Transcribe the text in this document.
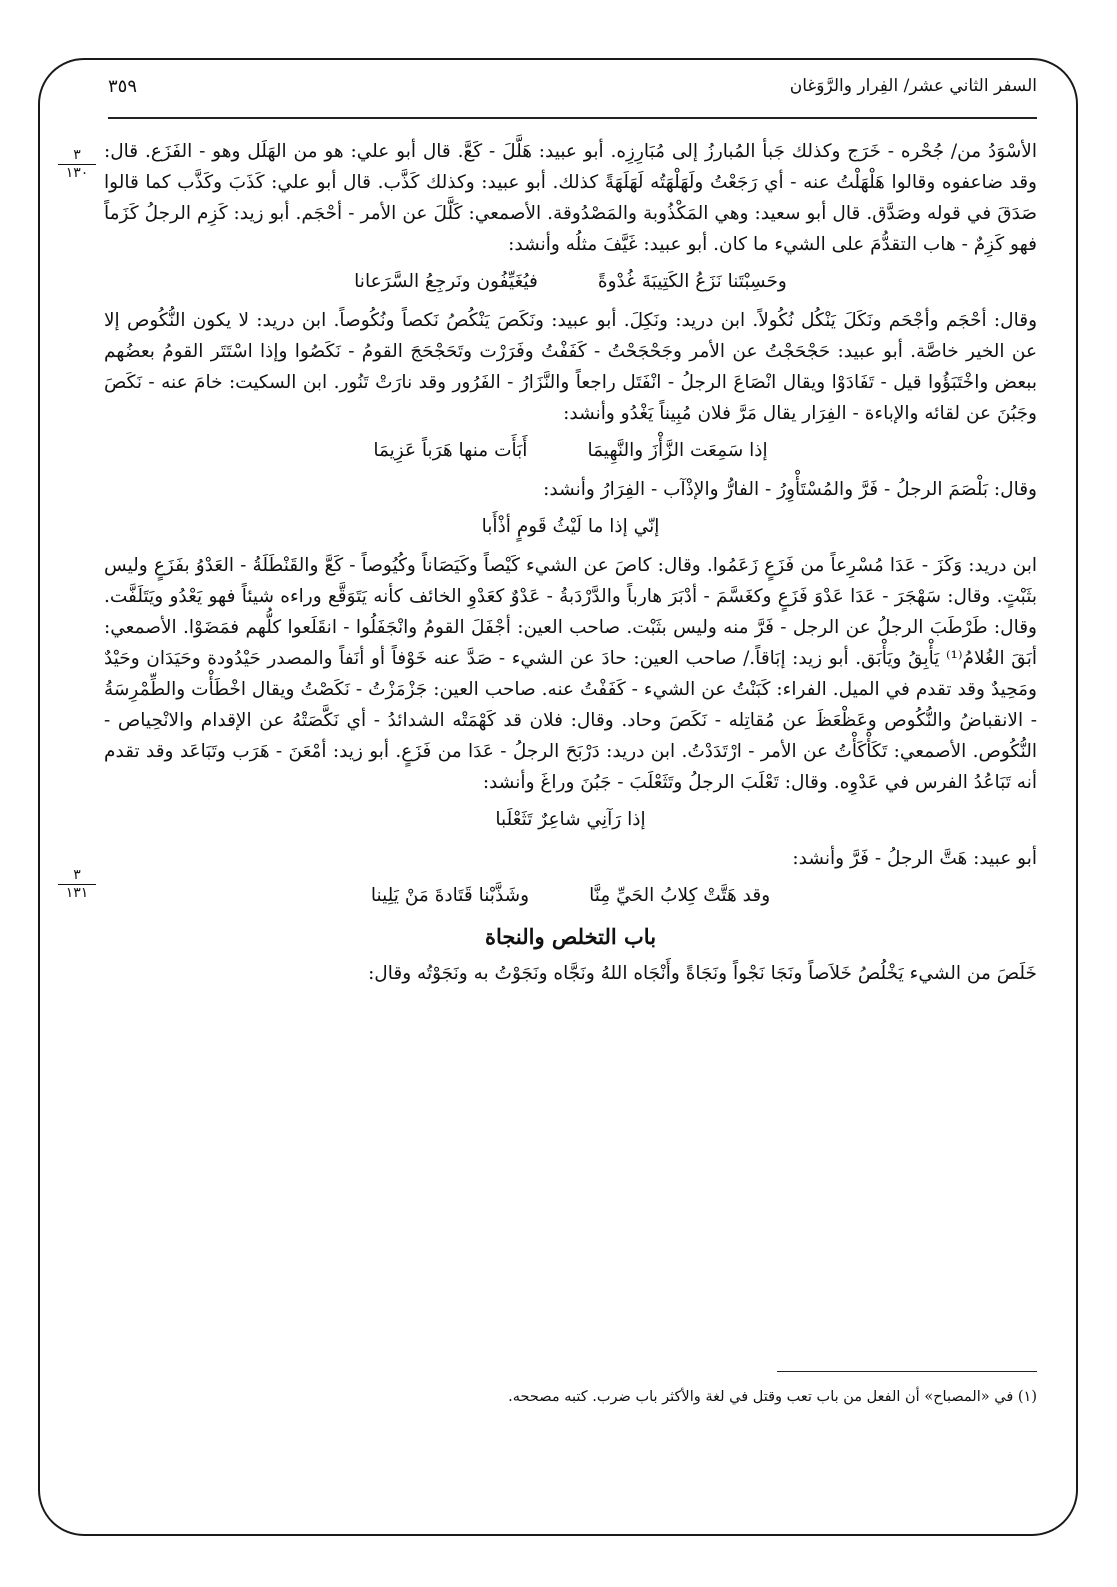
السفر الثاني عشر/ الفِرار والرَّوَغان
٣٥٩
٣
١٣٠
٣
١٣١

الأسْوَدُ من/ جُحْره - خَرَج وكذلك جَبأ المُبارزُ إلى مُبَارِزِه. أبو عبيد: هَلَّلَ - كَعَّ. قال أبو علي: هو من الهَلَل وهو - الفَزَع. قال: وقد ضاعفوه وقالوا هَلْهَلْتُ عنه - أي رَجَعْتُ ولَهَلْهَتُه لَهَلَهَةً كذلك. أبو عبيد: وكذلك كَذَّب. قال أبو علي: كَذَبَ وكَذَّب كما قالوا صَدَقَ في قوله وصَدَّق. قال أبو سعيد: وهي المَكْذُوبة والمَصْدُوقة. الأصمعي: كَلَّلَ عن الأمر - أحْجَم. أبو زيد: كَزِم الرجلُ كَزَماً فهو كَزِمٌ - هاب التقدُّمَ على الشيء ما كان. أبو عبيد: غَيَّفَ مثلُه وأنشد:

وحَسِبْتَنا نَزَعُ الكَتِيبَةَ غُدْوةً
فيُغَيِّفُون ونَرجِعُ السَّرَعانا

وقال: أحْجَم وأجْحَم ونَكَلَ يَنْكُل نُكُولاً. ابن دريد: ونَكِلَ. أبو عبيد: ونَكَصَ يَنْكُصُ نَكصاً ونُكُوصاً. ابن دريد: لا يكون النُّكُوص إلا عن الخير خاصَّة. أبو عبيد: حَجْحَجْتُ عن الأمر وجَحْجَحْتُ - كَفَفْتُ وفَرَرْت وتَحَجْحَجَ القومُ - نَكَصُوا وإذا اسْتَتَر القومُ بعضُهم ببعض واخْتَبَؤُوا قيل - تَفَادَوْا ويقال انْصَاعَ الرجلُ - انْفَتَل راجعاً والنَّزَارُ - الفَرُور وقد نارَتْ تَنُور. ابن السكيت: خامَ عنه - نَكَصَ وجَبُنَ عن لقائه والإباءة - الفِرَار يقال مَرَّ فلان مُبِيناً يَغْدُو وأنشد:

إذا سَمِعَت الزَّأْزَ والنَّهِيمَا
أَبَأَت منها هَرَباً عَزِيمَا

وقال: بَلْصَمَ الرجلُ - فَرَّ والمُسْتَأْوِرُ - الفارُّ والإذْآب - الفِرَارُ وأنشد:

إنّي إذا ما لَيْثُ قَومٍ أذْأَبا

ابن دريد: وَكَزَ - عَدَا مُسْرِعاً من فَزَعٍ زَعَمُوا. وقال: كاصَ عن الشيء كَيْصاً وكَيَصَاناً وكُيُوصاً - كَعَّ والقَنْطَلَةُ - العَدْوُ بفَزَعٍ وليس بثَبْتٍ. وقال: سَهْجَرَ - عَدَا عَدْوَ فَزَعٍ وكغَسَّمَ - أدْبَرَ هارباً والدَّرْدَبةُ - عَدْوٌ كعَدْوِ الخائف كأنه يَتَوَقَّع وراءه شيئاً فهو يَعْدُو ويَتَلَفَّت. وقال: طَرْطَبَ الرجلُ عن الرجل - فَرَّ منه وليس بثَبْت. صاحب العين: أجْفَلَ القومُ وانْجَفَلُوا - انقَلَعوا كلُّهم فمَضَوْا. الأصمعي: أبَقَ الغُلامُ⁽¹⁾ يَأْبِقُ ويَأْبَق. أبو زيد: إبَاقاً./ صاحب العين: حادَ عن الشيء - صَدَّ عنه خَوْفاً أو أنَفاً والمصدر حَيْدُودة وحَيَدَان وحَيْدٌ ومَحِيدٌ وقد تقدم في الميل. الفراء: كَبَنْتُ عن الشيء - كَفَفْتُ عنه. صاحب العين: جَزْمَزْتُ - نَكَصْتُ ويقال اخْطَأْت والطِّمْرِسَةُ - الانقباضُ والنُّكُوص وعَظْعَظَ عن مُقاتِله - نَكَصَ وحاد. وقال: فلان قد كَهْمَتْه الشدائدُ - أي نَكَّصَتْهُ عن الإقدام والانْحِياص - النُّكُوص. الأصمعي: تَكَأْكَأْتُ عن الأمر - ارْتَدَدْتُ. ابن دريد: دَرْبَحَ الرجلُ - عَدَا من فَزَعٍ. أبو زيد: أمْعَنَ - هَرَب وتَبَاعَد وقد تقدم أنه تَبَاعُدُ الفرس في عَدْوِه. وقال: تَعْلَبَ الرجلُ وتَثَعْلَبَ - جَبُنَ وراغَ وأنشد:

إذا رَآنِي شاعِرٌ تَثَعْلَبا

أبو عبيد: هَتَّ الرجلُ - فَرَّ وأنشد:

وقد هَتَّتْ كِلابُ الحَيِّ مِنَّا
وشَذَّبْنا قَتَادةَ مَنْ يَلِينا
باب التخلص والنجاة

خَلَصَ من الشيء يَخْلُصُ خَلاَصاً ونَجَا نَجْواً ونَجَاةً وأَنْجَاه اللهُ ونَجَّاه ونَجَوْتُ به ونَجَوْتُه وقال:

(١) في «المصباح» أن الفعل من باب تعب وقتل في لغة والأكثر باب ضرب. كتبه مصححه.
